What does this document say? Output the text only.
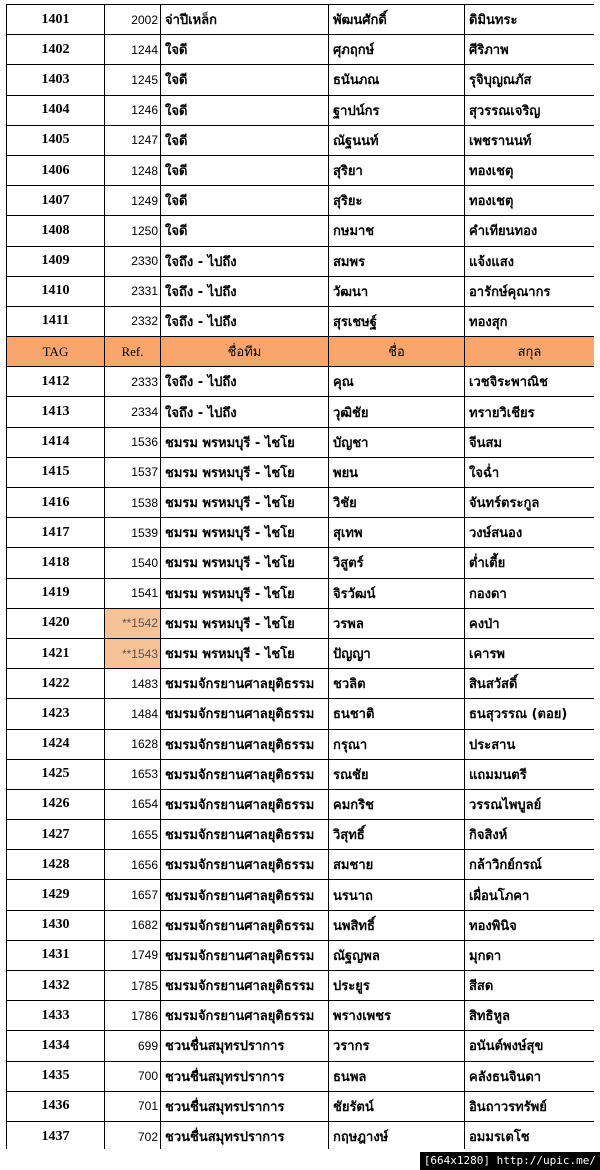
1401	2002	จ่าปีเหล็ก	พัฒนศักดิ์	ดิมินทระ
1402	1244	ใจดี	ศุภฤกษ์	ศีริภาพ
1403	1245	ใจดี	ธนันภณ	รุจิบุญณภัส
1404	1246	ใจดี	ฐาปน์กร	สุวรรณเจริญ
1405	1247	ใจดี	ณัฐนนท์	เพชรานนท์
1406	1248	ใจดี	สุริยา	ทองเชตุ
1407	1249	ใจดี	สุริยะ	ทองเชตุ
1408	1250	ใจดี	กษมาช	คำเทียนทอง
1409	2330	ใจถึง - ไปถึง	สมพร	แจ้งแสง
1410	2331	ใจถึง - ไปถึง	วัฒนา	อารักษ์คุณากร
1411	2332	ใจถึง - ไปถึง	สุรเชษฐ์	ทองสุก
TAG	Ref.	ชื่อทีม	ชื่อ	สกุล
1412	2333	ใจถึง - ไปถึง	คุณ	เวชจิระพาณิช
1413	2334	ใจถึง - ไปถึง	วุฒิชัย	ทรายวิเชียร
1414	1536	ชมรม พรหมบุรี - ไชโย	บัญชา	จีนสม
1415	1537	ชมรม พรหมบุรี - ไชโย	พยน	ใจฉ่ำ
1416	1538	ชมรม พรหมบุรี - ไชโย	วิชัย	จันทร์ตระกูล
1417	1539	ชมรม พรหมบุรี - ไชโย	สุเทพ	วงษ์สนอง
1418	1540	ชมรม พรหมบุรี - ไชโย	วิสูตร์	ต่ำเตี้ย
1419	1541	ชมรม พรหมบุรี - ไชโย	จิรวัฒน์	กองดา
1420	**1542	ชมรม พรหมบุรี - ไชโย	วรพล	คงป่า
1421	**1543	ชมรม พรหมบุรี - ไชโย	ปัญญา	เคารพ
1422	1483	ชมรมจักรยานศาลยุติธรรม	ชวลิต	สินสวัสดิ์
1423	1484	ชมรมจักรยานศาลยุติธรรม	ธนชาติ	ธนสุวรรณ (ตอย)
1424	1628	ชมรมจักรยานศาลยุติธรรม	กรุณา	ประสาน
1425	1653	ชมรมจักรยานศาลยุติธรรม	รณชัย	แถมมนตรี
1426	1654	ชมรมจักรยานศาลยุติธรรม	คมกริช	วรรณไพบูลย์
1427	1655	ชมรมจักรยานศาลยุติธรรม	วิสุทธิ์	กิจสิงห์
1428	1656	ชมรมจักรยานศาลยุติธรรม	สมชาย	กล้าวิกย์กรณ์
1429	1657	ชมรมจักรยานศาลยุติธรรม	นรนาถ	เผื่อนโภคา
1430	1682	ชมรมจักรยานศาลยุติธรรม	นพสิทธิ์	ทองพินิจ
1431	1749	ชมรมจักรยานศาลยุติธรรม	ณัฐญพล	มุกดา
1432	1785	ชมรมจักรยานศาลยุติธรรม	ประยูร	สีสด
1433	1786	ชมรมจักรยานศาลยุติธรรม	พรางเพชร	สิทธิหูล
1434	699	ชวนชื่นสมุทรปราการ	วรากร	อนันต์พงษ์สุข
1435	700	ชวนชื่นสมุทรปราการ	ธนพล	คลังธนจินดา
1436	701	ชวนชื่นสมุทรปราการ	ชัยรัตน์	อินถาวรทรัพย์
1437	702	ชวนชื่นสมุทรปราการ	กฤษฎางษ์	อมมรเตโช
[664x1280] http://upic.me/
